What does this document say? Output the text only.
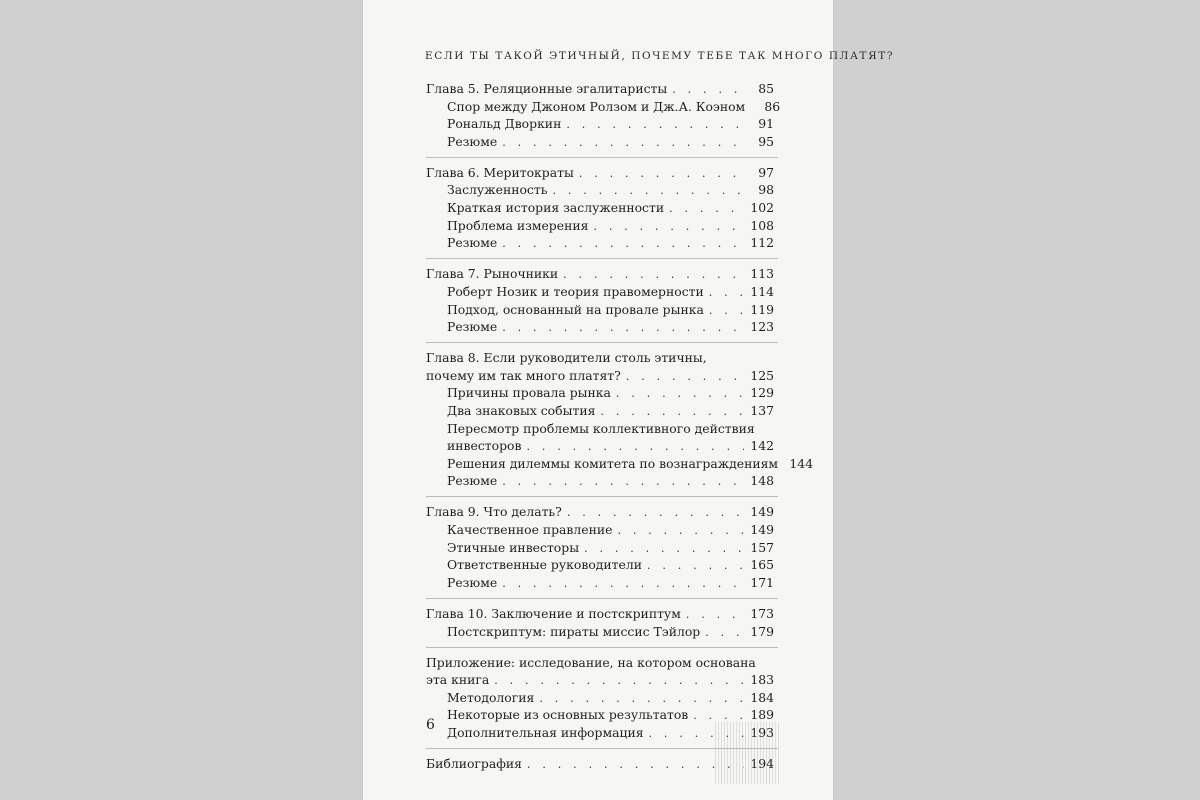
ЕСЛИ ТЫ ТАКОЙ ЭТИЧНЫЙ, ПОЧЕМУ ТЕБЕ ТАК МНОГО ПЛАТЯТ?
Глава 5. Реляционные эгалитаристы . . .	85
Спор между Джоном Ролзом и Дж.А. Коэном . . .	86
Рональд Дворкин . . .	91
Резюме . . .	95
Глава 6. Меритократы . . .	97
Заслуженность . . .	98
Краткая история заслуженности . . .	102
Проблема измерения . . .	108
Резюме . . .	112
Глава 7. Рыночники . . .	113
Роберт Нозик и теория правомерности . . .	114
Подход, основанный на провале рынка . . .	119
Резюме . . .	123
Глава 8. Если руководители столь этичны,
почему им так много платят? . . .	125
Причины провала рынка . . .	129
Два знаковых события . . .	137
Пересмотр проблемы коллективного действия
инвесторов . . .	142
Решения дилеммы комитета по вознаграждениям . . . 144
Резюме . . .	148
Глава 9. Что делать? . . .	149
Качественное правление . . .	149
Этичные инвесторы . . .	157
Ответственные руководители . . .	165
Резюме . . .	171
Глава 10. Заключение и постскриптум . . .	173
Постскриптум: пираты миссис Тэйлор . . .	179
Приложение: исследование, на котором основана
эта книга . . .	183
Методология . . .	184
Некоторые из основных результатов . . .	189
Дополнительная информация . . .	193
Библиография . . .	194
6
